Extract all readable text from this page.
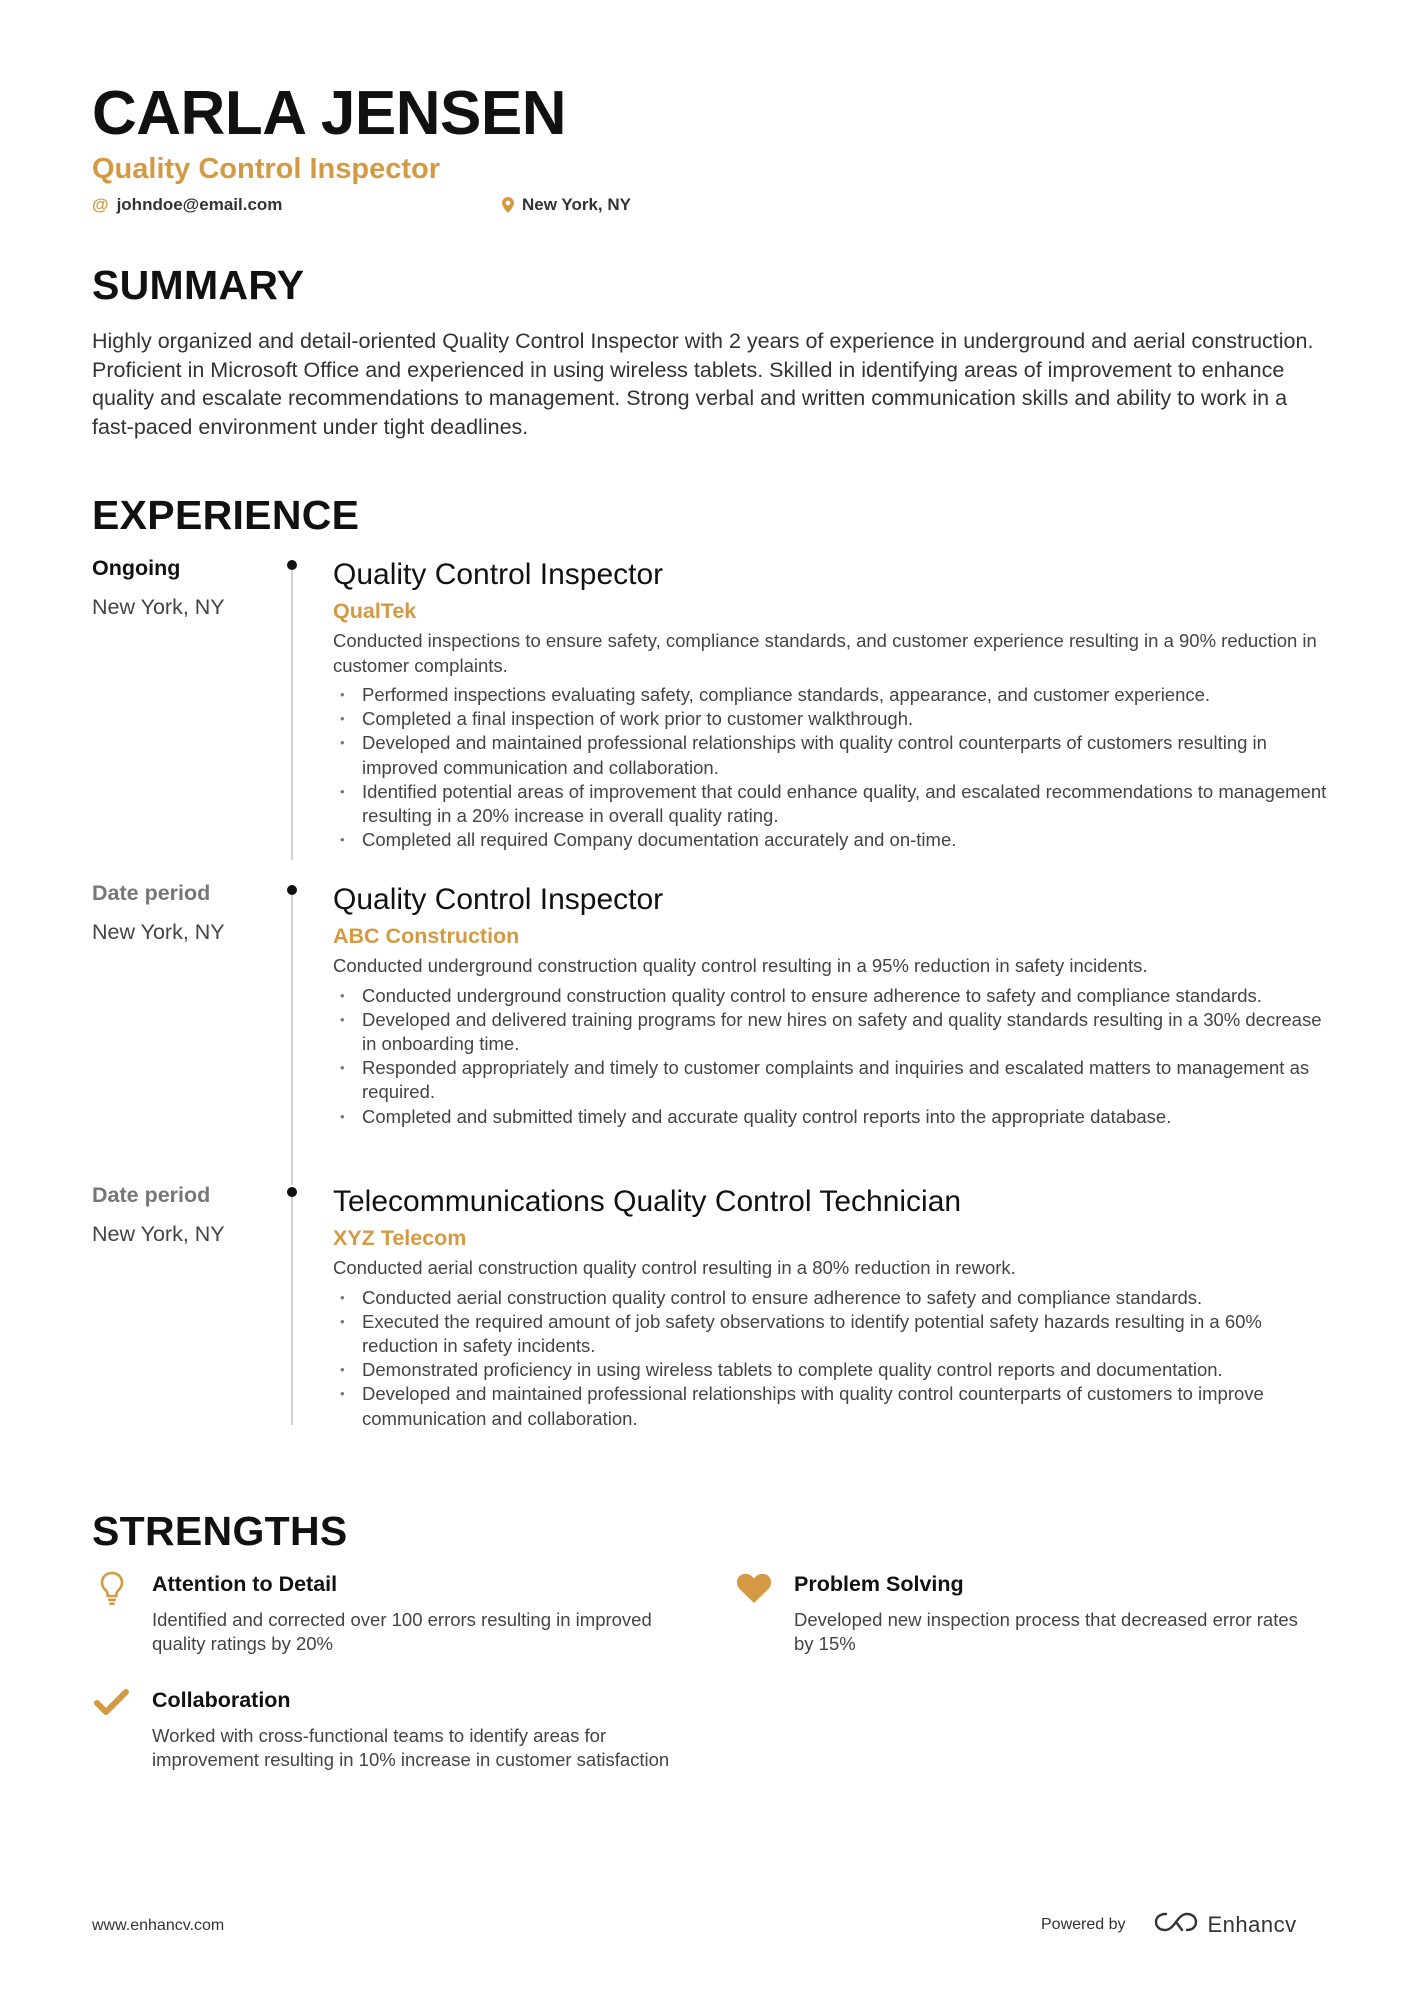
CARLA JENSEN
Quality Control Inspector
@ johndoe@email.com	New York, NY
SUMMARY
Highly organized and detail-oriented Quality Control Inspector with 2 years of experience in underground and aerial construction. Proficient in Microsoft Office and experienced in using wireless tablets. Skilled in identifying areas of improvement to enhance quality and escalate recommendations to management. Strong verbal and written communication skills and ability to work in a fast-paced environment under tight deadlines.
EXPERIENCE
Ongoing
New York, NY
Quality Control Inspector
QualTek
Conducted inspections to ensure safety, compliance standards, and customer experience resulting in a 90% reduction in customer complaints.
• Performed inspections evaluating safety, compliance standards, appearance, and customer experience.
• Completed a final inspection of work prior to customer walkthrough.
• Developed and maintained professional relationships with quality control counterparts of customers resulting in improved communication and collaboration.
• Identified potential areas of improvement that could enhance quality, and escalated recommendations to management resulting in a 20% increase in overall quality rating.
• Completed all required Company documentation accurately and on-time.
Date period
New York, NY
Quality Control Inspector
ABC Construction
Conducted underground construction quality control resulting in a 95% reduction in safety incidents.
• Conducted underground construction quality control to ensure adherence to safety and compliance standards.
• Developed and delivered training programs for new hires on safety and quality standards resulting in a 30% decrease in onboarding time.
• Responded appropriately and timely to customer complaints and inquiries and escalated matters to management as required.
• Completed and submitted timely and accurate quality control reports into the appropriate database.
Date period
New York, NY
Telecommunications Quality Control Technician
XYZ Telecom
Conducted aerial construction quality control resulting in a 80% reduction in rework.
• Conducted aerial construction quality control to ensure adherence to safety and compliance standards.
• Executed the required amount of job safety observations to identify potential safety hazards resulting in a 60% reduction in safety incidents.
• Demonstrated proficiency in using wireless tablets to complete quality control reports and documentation.
• Developed and maintained professional relationships with quality control counterparts of customers to improve communication and collaboration.
STRENGTHS
Attention to Detail
Identified and corrected over 100 errors resulting in improved quality ratings by 20%
Problem Solving
Developed new inspection process that decreased error rates by 15%
Collaboration
Worked with cross-functional teams to identify areas for improvement resulting in 10% increase in customer satisfaction
www.enhancv.com	Powered by	Enhancv
